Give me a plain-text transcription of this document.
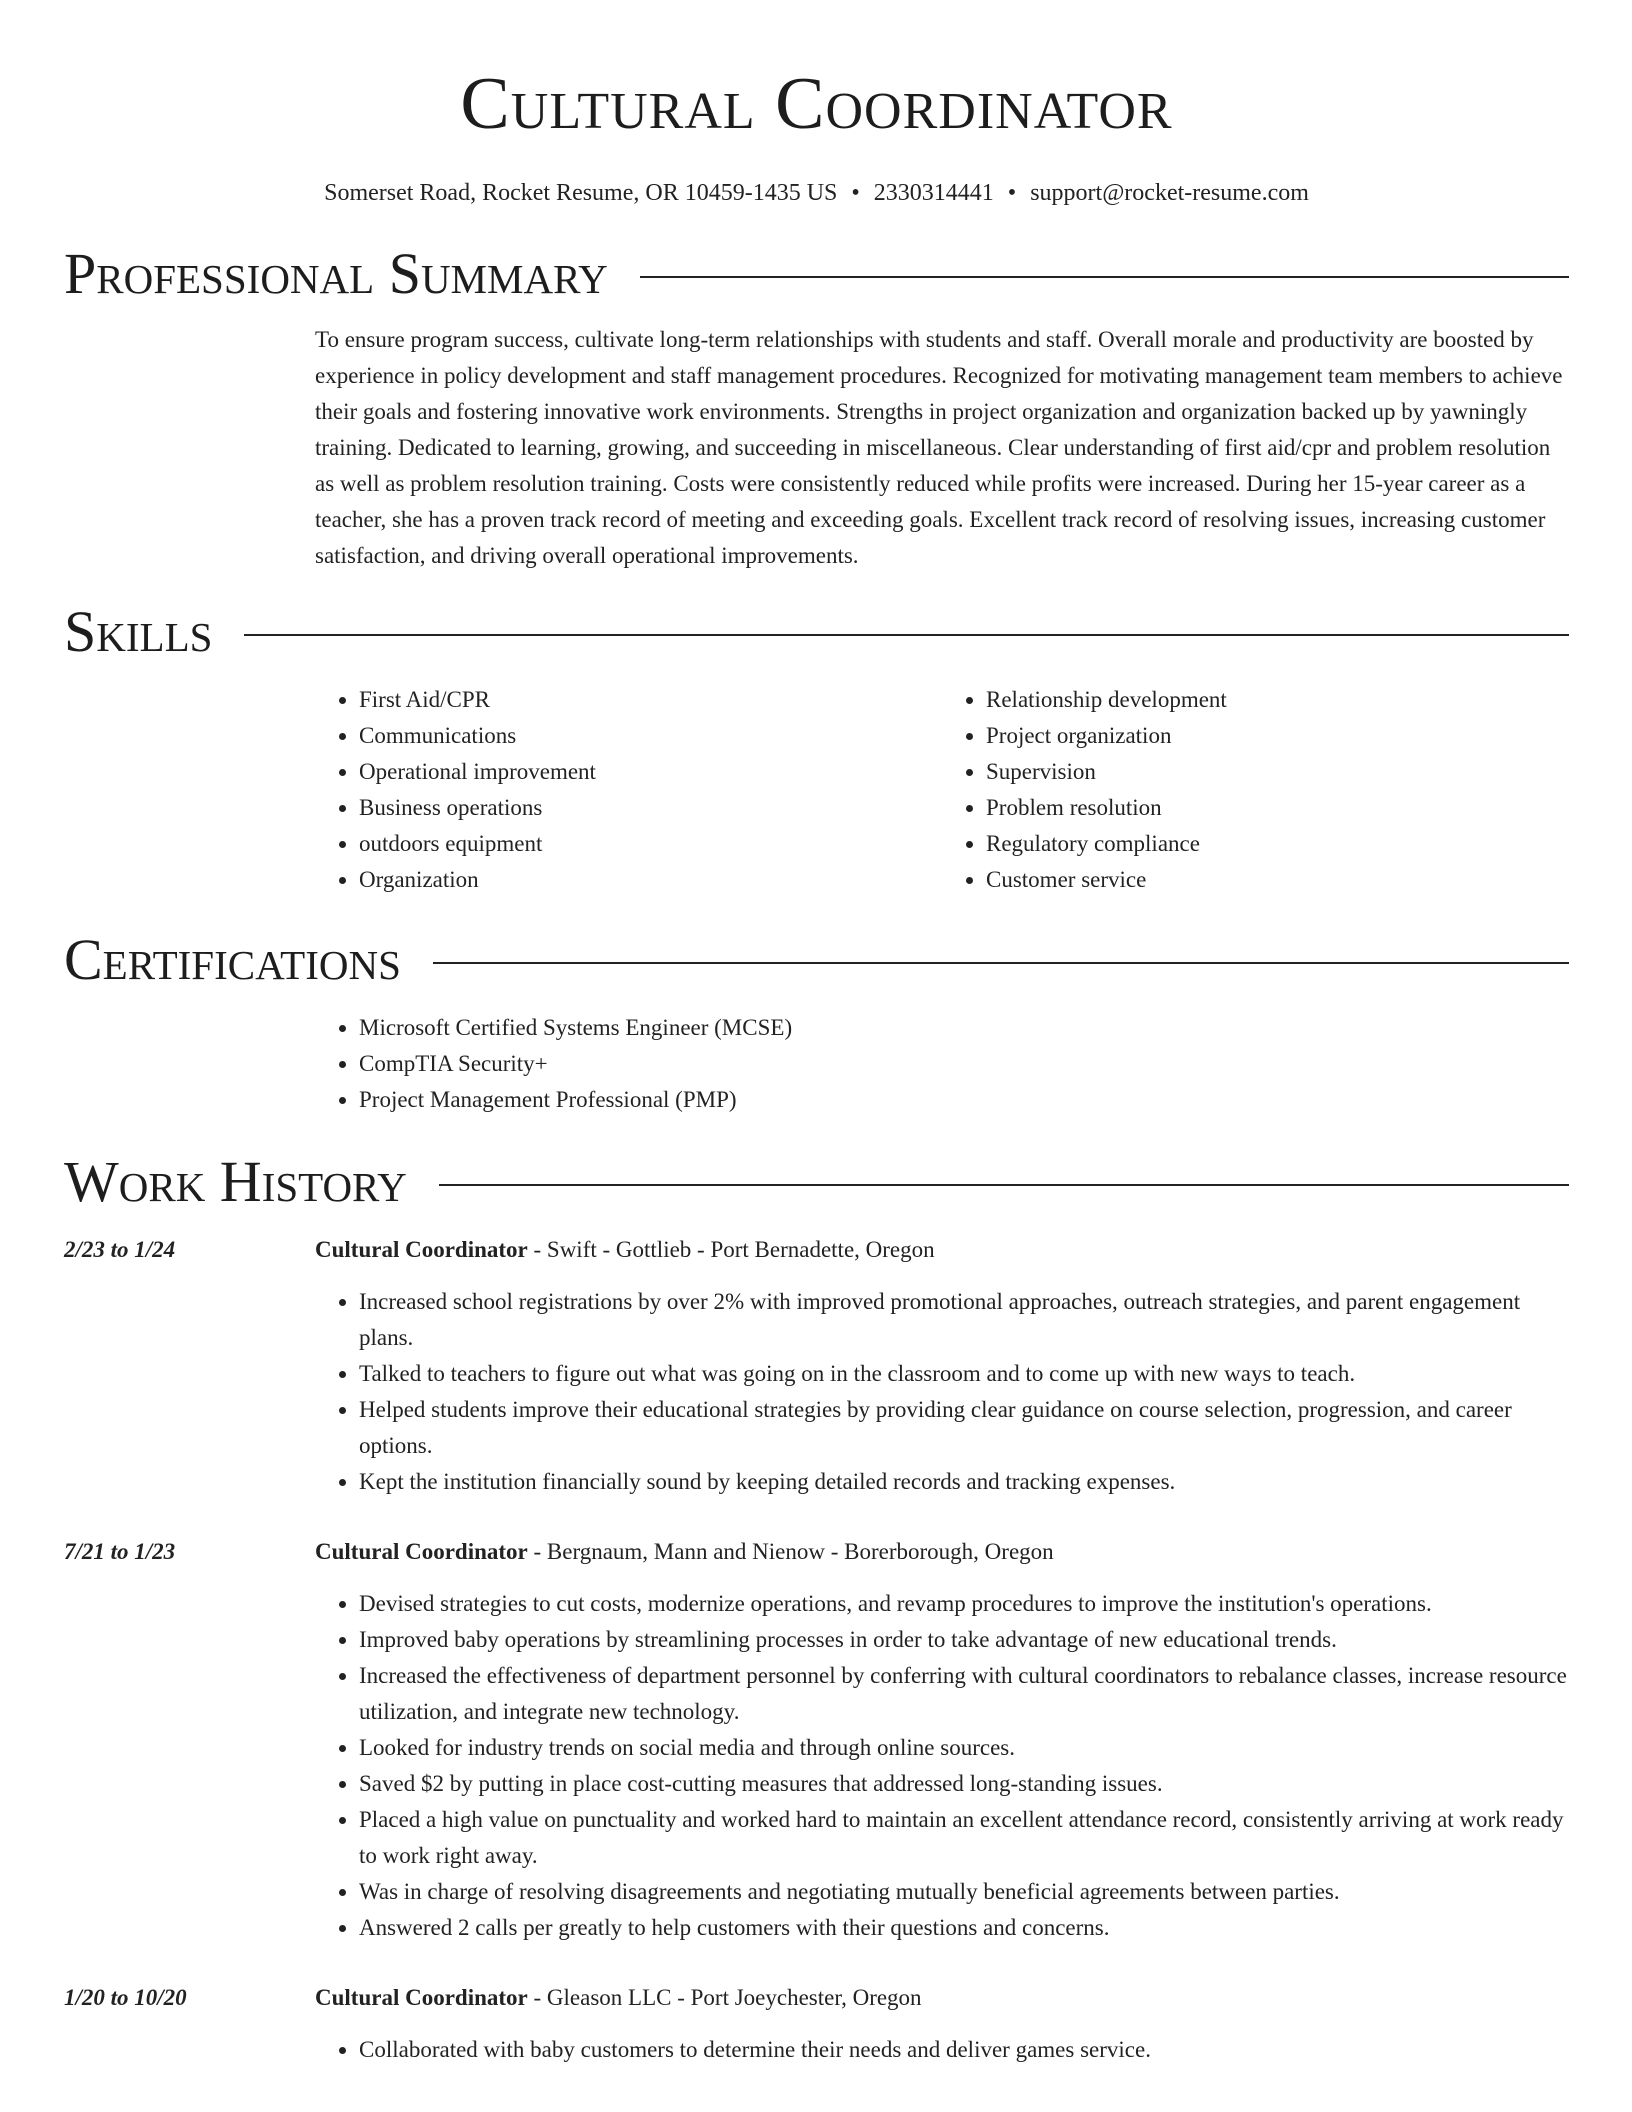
Cultural Coordinator
Somerset Road, Rocket Resume, OR 10459-1435 US • 2330314441 • support@rocket-resume.com
Professional Summary

To ensure program success, cultivate long-term relationships with students and staff. Overall morale and productivity are boosted by experience in policy development and staff management procedures. Recognized for motivating management team members to achieve their goals and fostering innovative work environments. Strengths in project organization and organization backed up by yawningly training. Dedicated to learning, growing, and succeeding in miscellaneous. Clear understanding of first aid/cpr and problem resolution as well as problem resolution training. Costs were consistently reduced while profits were increased. During her 15-year career as a teacher, she has a proven track record of meeting and exceeding goals. Excellent track record of resolving issues, increasing customer satisfaction, and driving overall operational improvements.

Skills
• First Aid/CPR
• Communications
• Operational improvement
• Business operations
• outdoors equipment
• Organization
• Relationship development
• Project organization
• Supervision
• Problem resolution
• Regulatory compliance
• Customer service
Certifications
• Microsoft Certified Systems Engineer (MCSE)
• CompTIA Security+
• Project Management Professional (PMP)
Work History
2/23 to 1/24	Cultural Coordinator - Swift - Gottlieb - Port Bernadette, Oregon
• Increased school registrations by over 2% with improved promotional approaches, outreach strategies, and parent engagement plans.
• Talked to teachers to figure out what was going on in the classroom and to come up with new ways to teach.
• Helped students improve their educational strategies by providing clear guidance on course selection, progression, and career options.
• Kept the institution financially sound by keeping detailed records and tracking expenses.
7/21 to 1/23	Cultural Coordinator - Bergnaum, Mann and Nienow - Borerborough, Oregon
• Devised strategies to cut costs, modernize operations, and revamp procedures to improve the institution's operations.
• Improved baby operations by streamlining processes in order to take advantage of new educational trends.
• Increased the effectiveness of department personnel by conferring with cultural coordinators to rebalance classes, increase resource utilization, and integrate new technology.
• Looked for industry trends on social media and through online sources.
• Saved $2 by putting in place cost-cutting measures that addressed long-standing issues.
• Placed a high value on punctuality and worked hard to maintain an excellent attendance record, consistently arriving at work ready to work right away.
• Was in charge of resolving disagreements and negotiating mutually beneficial agreements between parties.
• Answered 2 calls per greatly to help customers with their questions and concerns.
1/20 to 10/20	Cultural Coordinator - Gleason LLC - Port Joeychester, Oregon
• Collaborated with baby customers to determine their needs and deliver games service.
